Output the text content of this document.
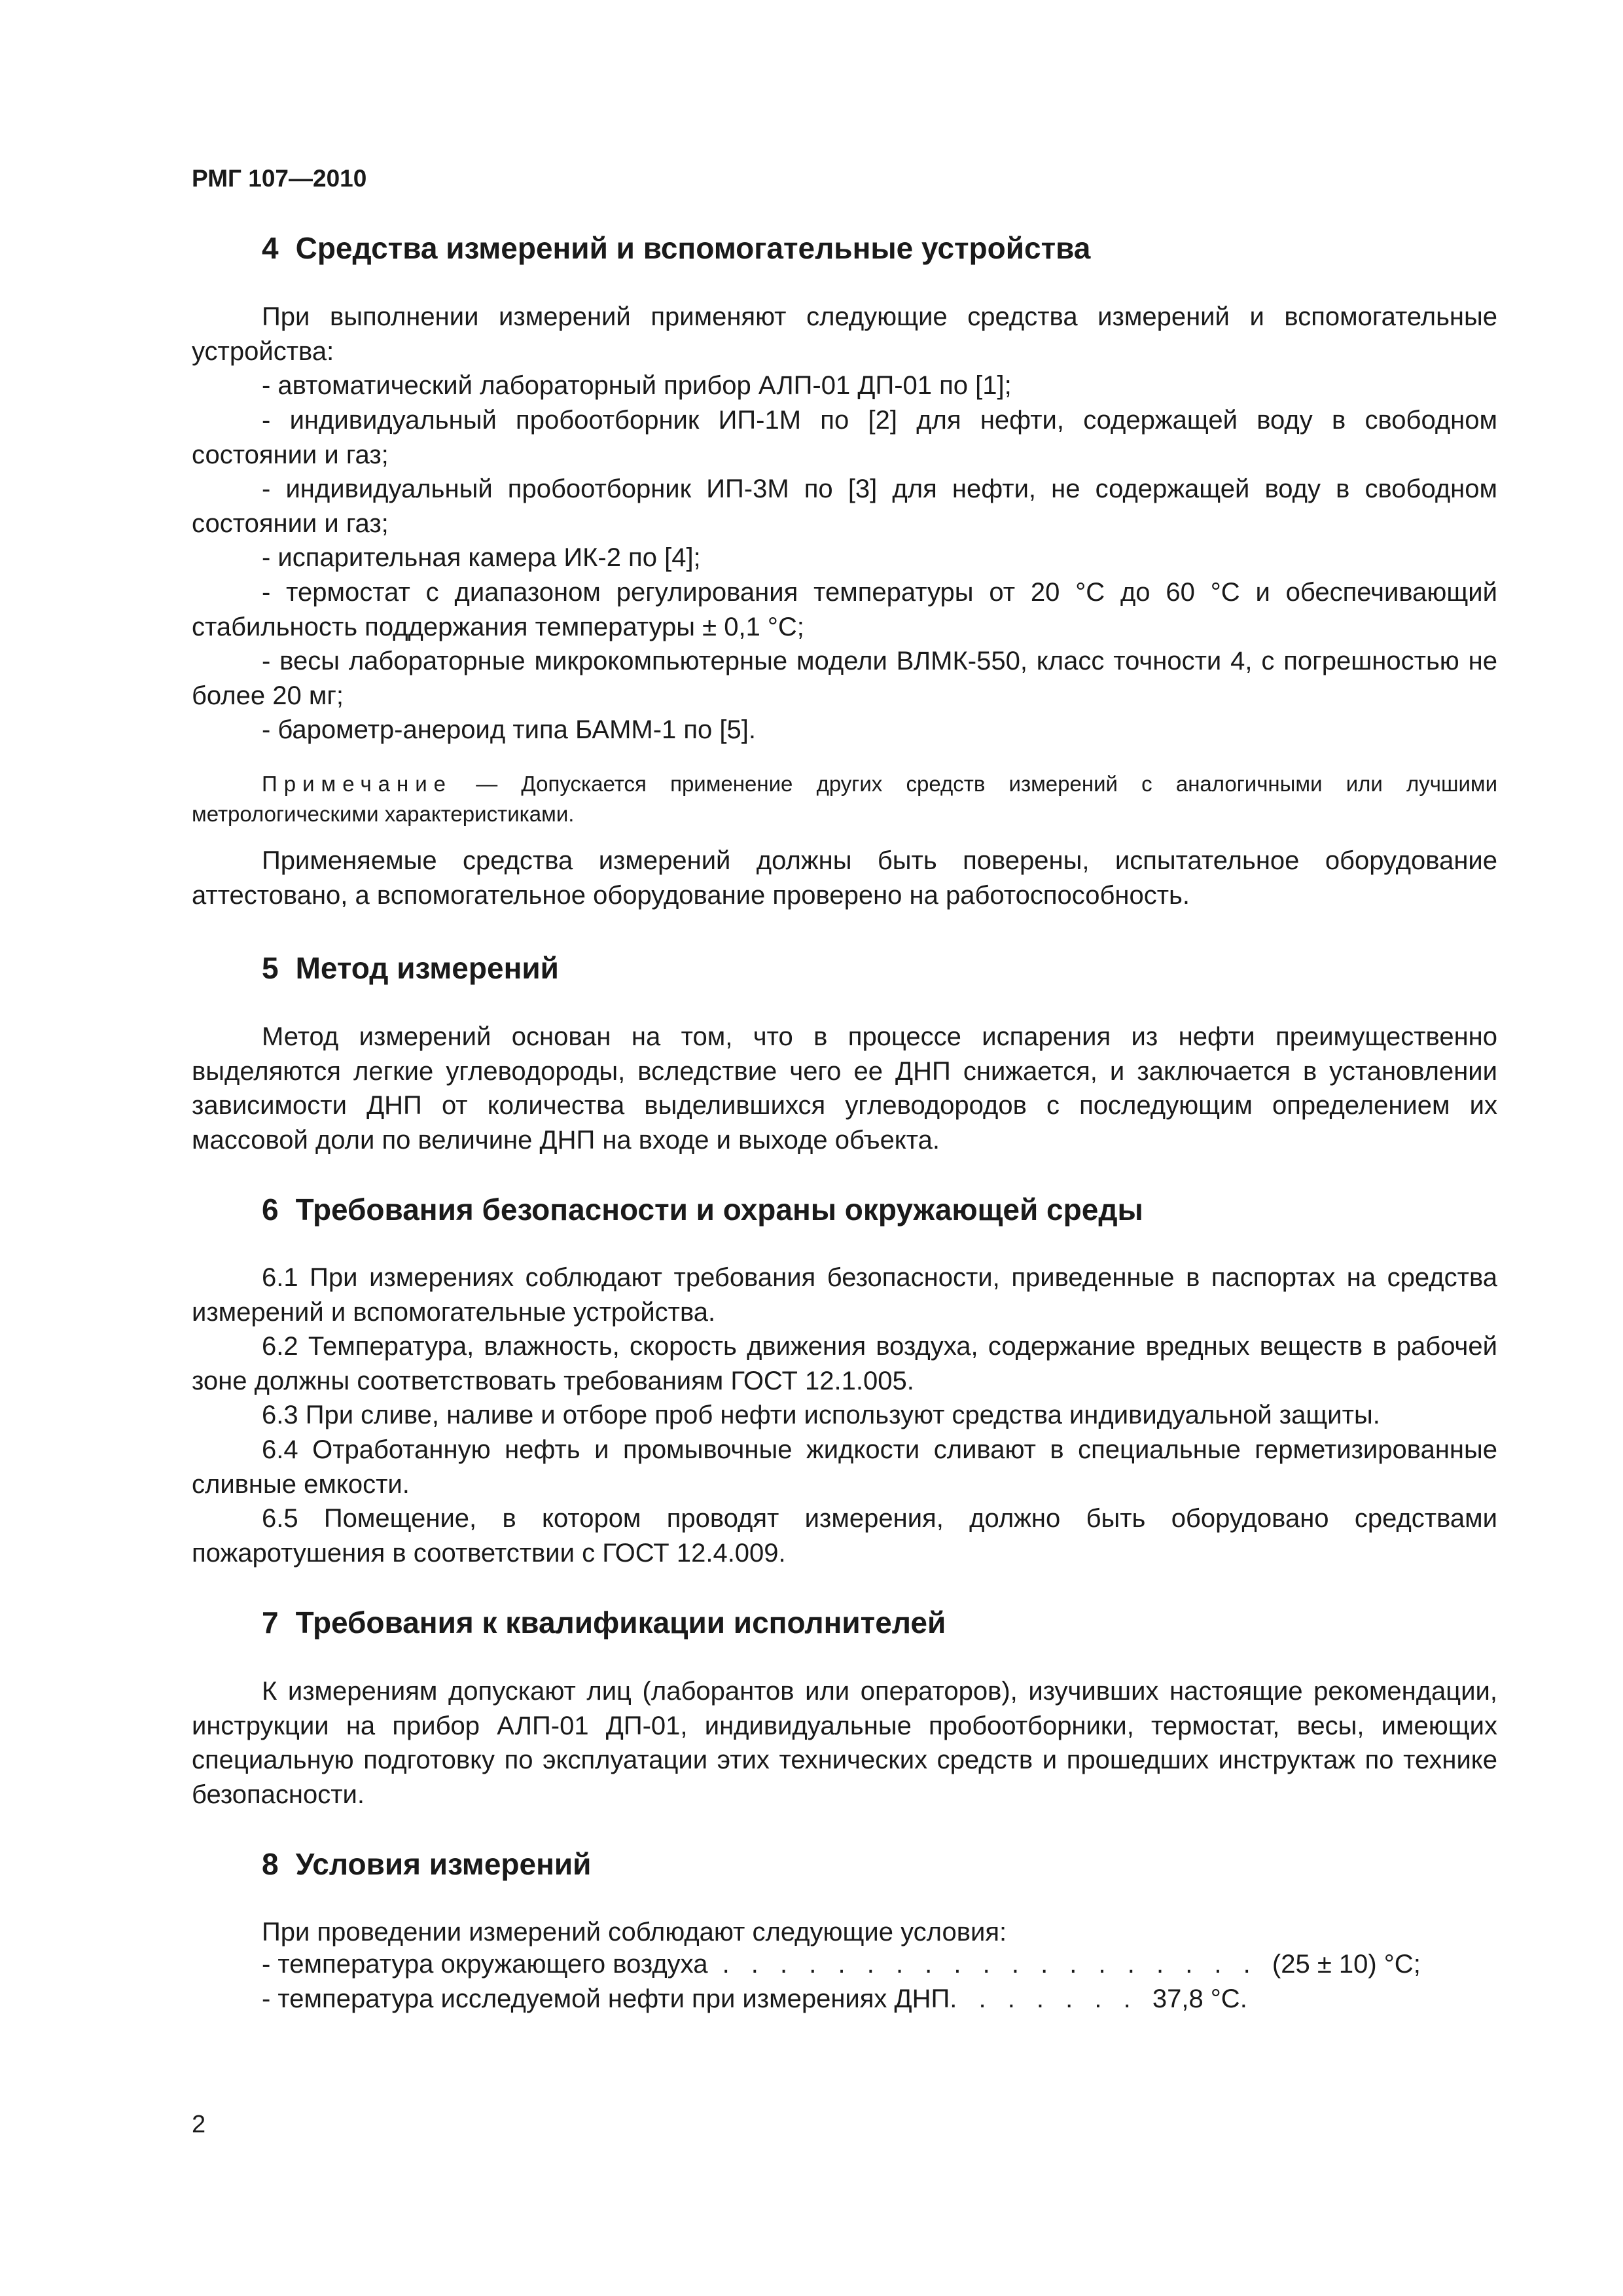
РМГ 107—2010
4 Средства измерений и вспомогательные устройства

При выполнении измерений применяют следующие средства измерений и вспомогательные устройства:

- автоматический лабораторный прибор АЛП-01 ДП-01 по [1];

- индивидуальный пробоотборник ИП-1М по [2] для нефти, содержащей воду в свободном состоянии и газ;

- индивидуальный пробоотборник ИП-3М по [3] для нефти, не содержащей воду в свободном состоянии и газ;

- испарительная камера ИК-2 по [4];

- термостат с диапазоном регулирования температуры от 20 °С до 60 °С и обеспечивающий стабильность поддержания температуры ± 0,1 °С;

- весы лабораторные микрокомпьютерные модели ВЛМК-550, класс точности 4, с погрешностью не более 20 мг;

- барометр-анероид типа БАММ-1 по [5].

Примечание — Допускается применение других средств измерений с аналогичными или лучшими метрологическими характеристиками.

Применяемые средства измерений должны быть поверены, испытательное оборудование аттестовано, а вспомогательное оборудование проверено на работоспособность.

5 Метод измерений

Метод измерений основан на том, что в процессе испарения из нефти преимущественно выделяются легкие углеводороды, вследствие чего ее ДНП снижается, и заключается в установлении зависимости ДНП от количества выделившихся углеводородов с последующим определением их массовой доли по величине ДНП на входе и выходе объекта.

6 Требования безопасности и охраны окружающей среды

6.1 При измерениях соблюдают требования безопасности, приведенные в паспортах на средства измерений и вспомогательные устройства.

6.2 Температура, влажность, скорость движения воздуха, содержание вредных веществ в рабочей зоне должны соответствовать требованиям ГОСТ 12.1.005.

6.3 При сливе, наливе и отборе проб нефти используют средства индивидуальной защиты.

6.4 Отработанную нефть и промывочные жидкости сливают в специальные герметизированные сливные емкости.

6.5 Помещение, в котором проводят измерения, должно быть оборудовано средствами пожаротушения в соответствии с ГОСТ 12.4.009.

7 Требования к квалификации исполнителей

К измерениям допускают лиц (лаборантов или операторов), изучивших настоящие рекомендации, инструкции на прибор АЛП-01 ДП-01, индивидуальные пробоотборники, термостат, весы, имеющих специальную подготовку по эксплуатации этих технических средств и прошедших инструктаж по технике безопасности.

8 Условия измерений

При проведении измерений соблюдают следующие условия:

- температура окружающего воздуха . . . . . . . . . . . . . . . . . . . (25 ± 10) °С;
- температура исследуемой нефти при измерениях ДНП. . . . . . . 37,8 °С.
2
